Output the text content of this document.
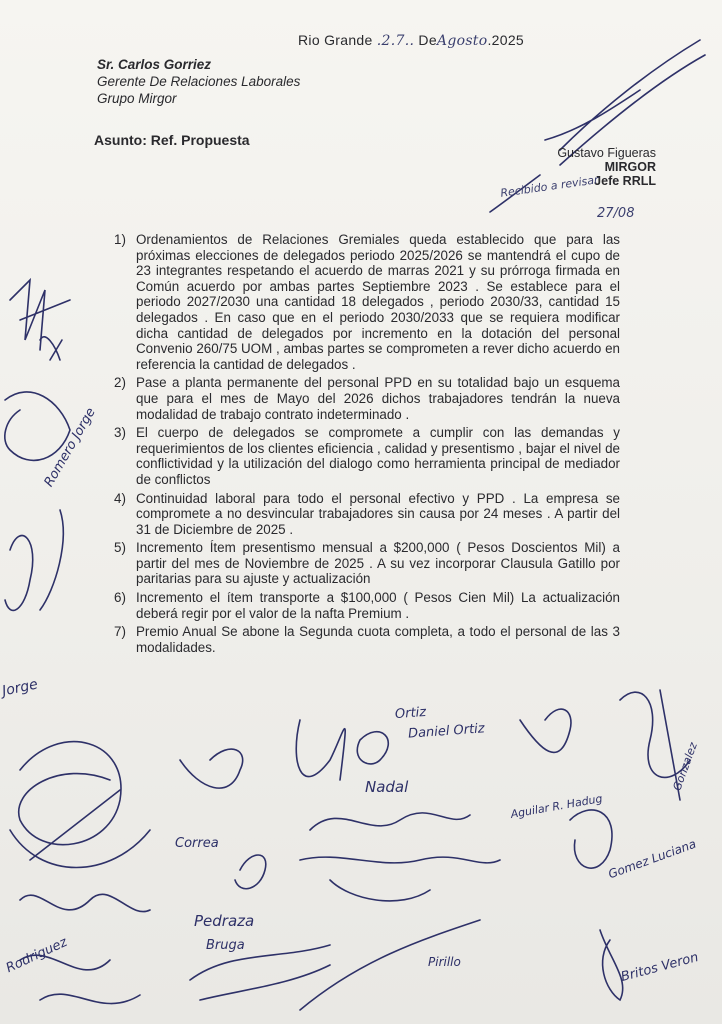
Rio Grande .2.7.. DeAgosto.2025
Sr. Carlos Gorriez
Gerente De Relaciones Laborales
Grupo Mirgor
Asunto: Ref. Propuesta
Gustavo Figueras
MIRGOR
Jefe RRLL
Recibido a revisar
27/08
1) Ordenamientos de Relaciones Gremiales queda establecido que para las próximas elecciones de delegados periodo 2025/2026 se mantendrá el cupo de 23 integrantes respetando el acuerdo de marras 2021 y su prórroga firmada en Común acuerdo por ambas partes Septiembre 2023 . Se establece para el periodo 2027/2030 una cantidad 18 delegados , periodo 2030/33, cantidad 15 delegados . En caso que en el periodo 2030/2033 que se requiera modificar dicha cantidad de delegados por incremento en la dotación del personal Convenio 260/75 UOM , ambas partes se comprometen a rever dicho acuerdo en referencia la cantidad de delegados .
2) Pase a planta permanente del personal PPD en su totalidad bajo un esquema que para el mes de Mayo del 2026 dichos trabajadores tendrán la nueva modalidad de trabajo contrato indeterminado .
3) El cuerpo de delegados se compromete a cumplir con las demandas y requerimientos de los clientes eficiencia , calidad y presentismo , bajar el nivel de conflictividad y la utilización del dialogo como herramienta principal de mediador de conflictos
4) Continuidad laboral para todo el personal efectivo y PPD . La empresa se compromete a no desvincular trabajadores sin causa por 24 meses . A partir del 31 de Diciembre de 2025 .
5) Incremento Ítem presentismo mensual a $200,000 ( Pesos Doscientos Mil) a partir del mes de Noviembre de 2025 . A su vez incorporar Clausula Gatillo por paritarias para su ajuste y actualización
6) Incremento el ítem transporte a $100,000 ( Pesos Cien Mil) La actualización deberá regir por el valor de la nafta Premium .
7) Premio Anual Se abone la Segunda cuota completa, a todo el personal de las 3 modalidades.
Ortiz
Daniel Ortiz
Nadal
Aguilar R. Hadug
Gonzalez
Gomez Luciana
Correa
Pedraza
Bruga
Pirillo	Britos Veron
Rodriguez
Romero Jorge
Jorge
